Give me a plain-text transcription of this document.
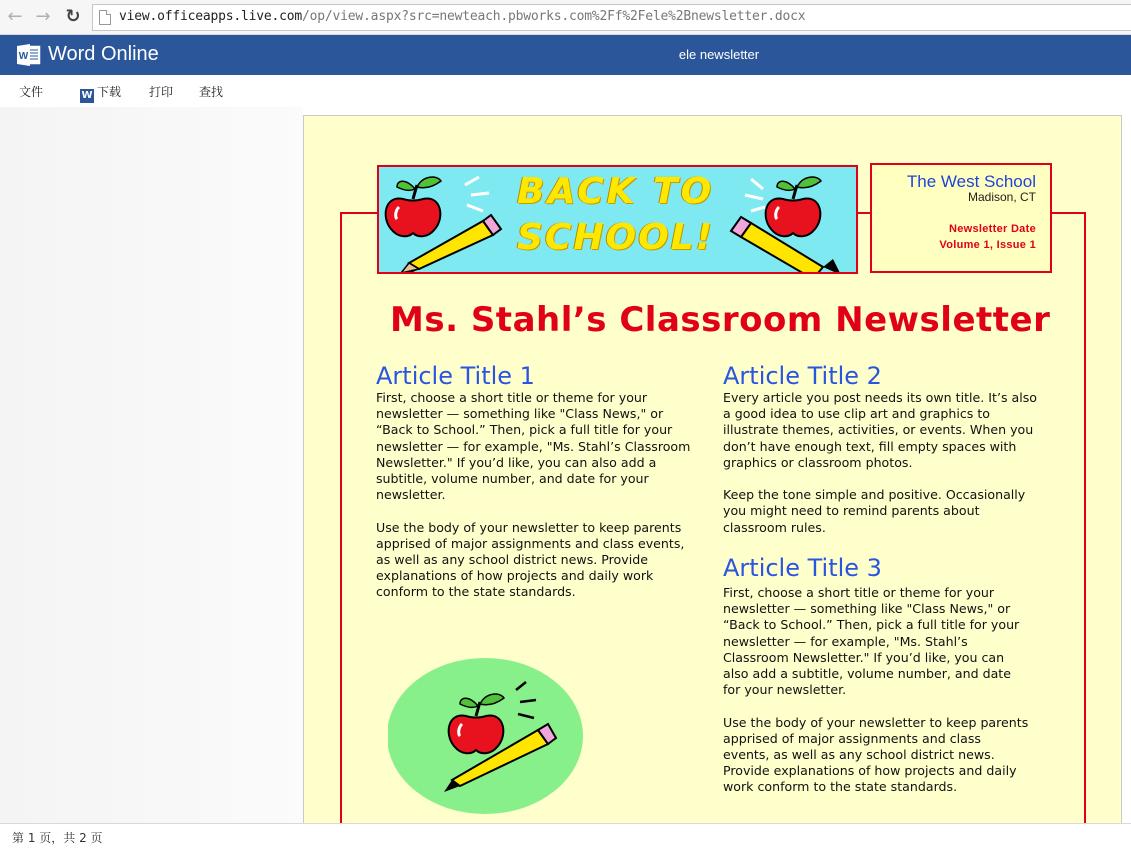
← → ↻	view.officeapps.live.com/op/view.aspx?src=newteach.pbworks.com%2Ff%2Fele%2Bnewsletter.docx
W Word Online	ele newsletter
文件	W 下载 打印 查找
BACK TO
SCHOOL!
The West School
Madison, CT
Newsletter Date
Volume 1, Issue 1
Ms. Stahl’s Classroom Newsletter
Article Title 1

First, choose a short title or theme for your newsletter — something like "Class News," or “Back to School.” Then, pick a full title for your newsletter — for example, "Ms. Stahl’s Classroom Newsletter." If you’d like, you can also add a subtitle, volume number, and date for your newsletter.

Use the body of your newsletter to keep parents apprised of major assignments and class events, as well as any school district news. Provide explanations of how projects and daily work conform to the state standards.

Article Title 2

Every article you post needs its own title. It’s also a good idea to use clip art and graphics to illustrate themes, activities, or events. When you don’t have enough text, fill empty spaces with graphics or classroom photos.

Keep the tone simple and positive. Occasionally you might need to remind parents about classroom rules.

Article Title 3

First, choose a short title or theme for your newsletter — something like "Class News," or “Back to School.” Then, pick a full title for your newsletter — for example, "Ms. Stahl’s Classroom Newsletter." If you’d like, you can also add a subtitle, volume number, and date for your newsletter.

Use the body of your newsletter to keep parents apprised of major assignments and class events, as well as any school district news. Provide explanations of how projects and daily work conform to the state standards.

第 1 页，共 2 页
